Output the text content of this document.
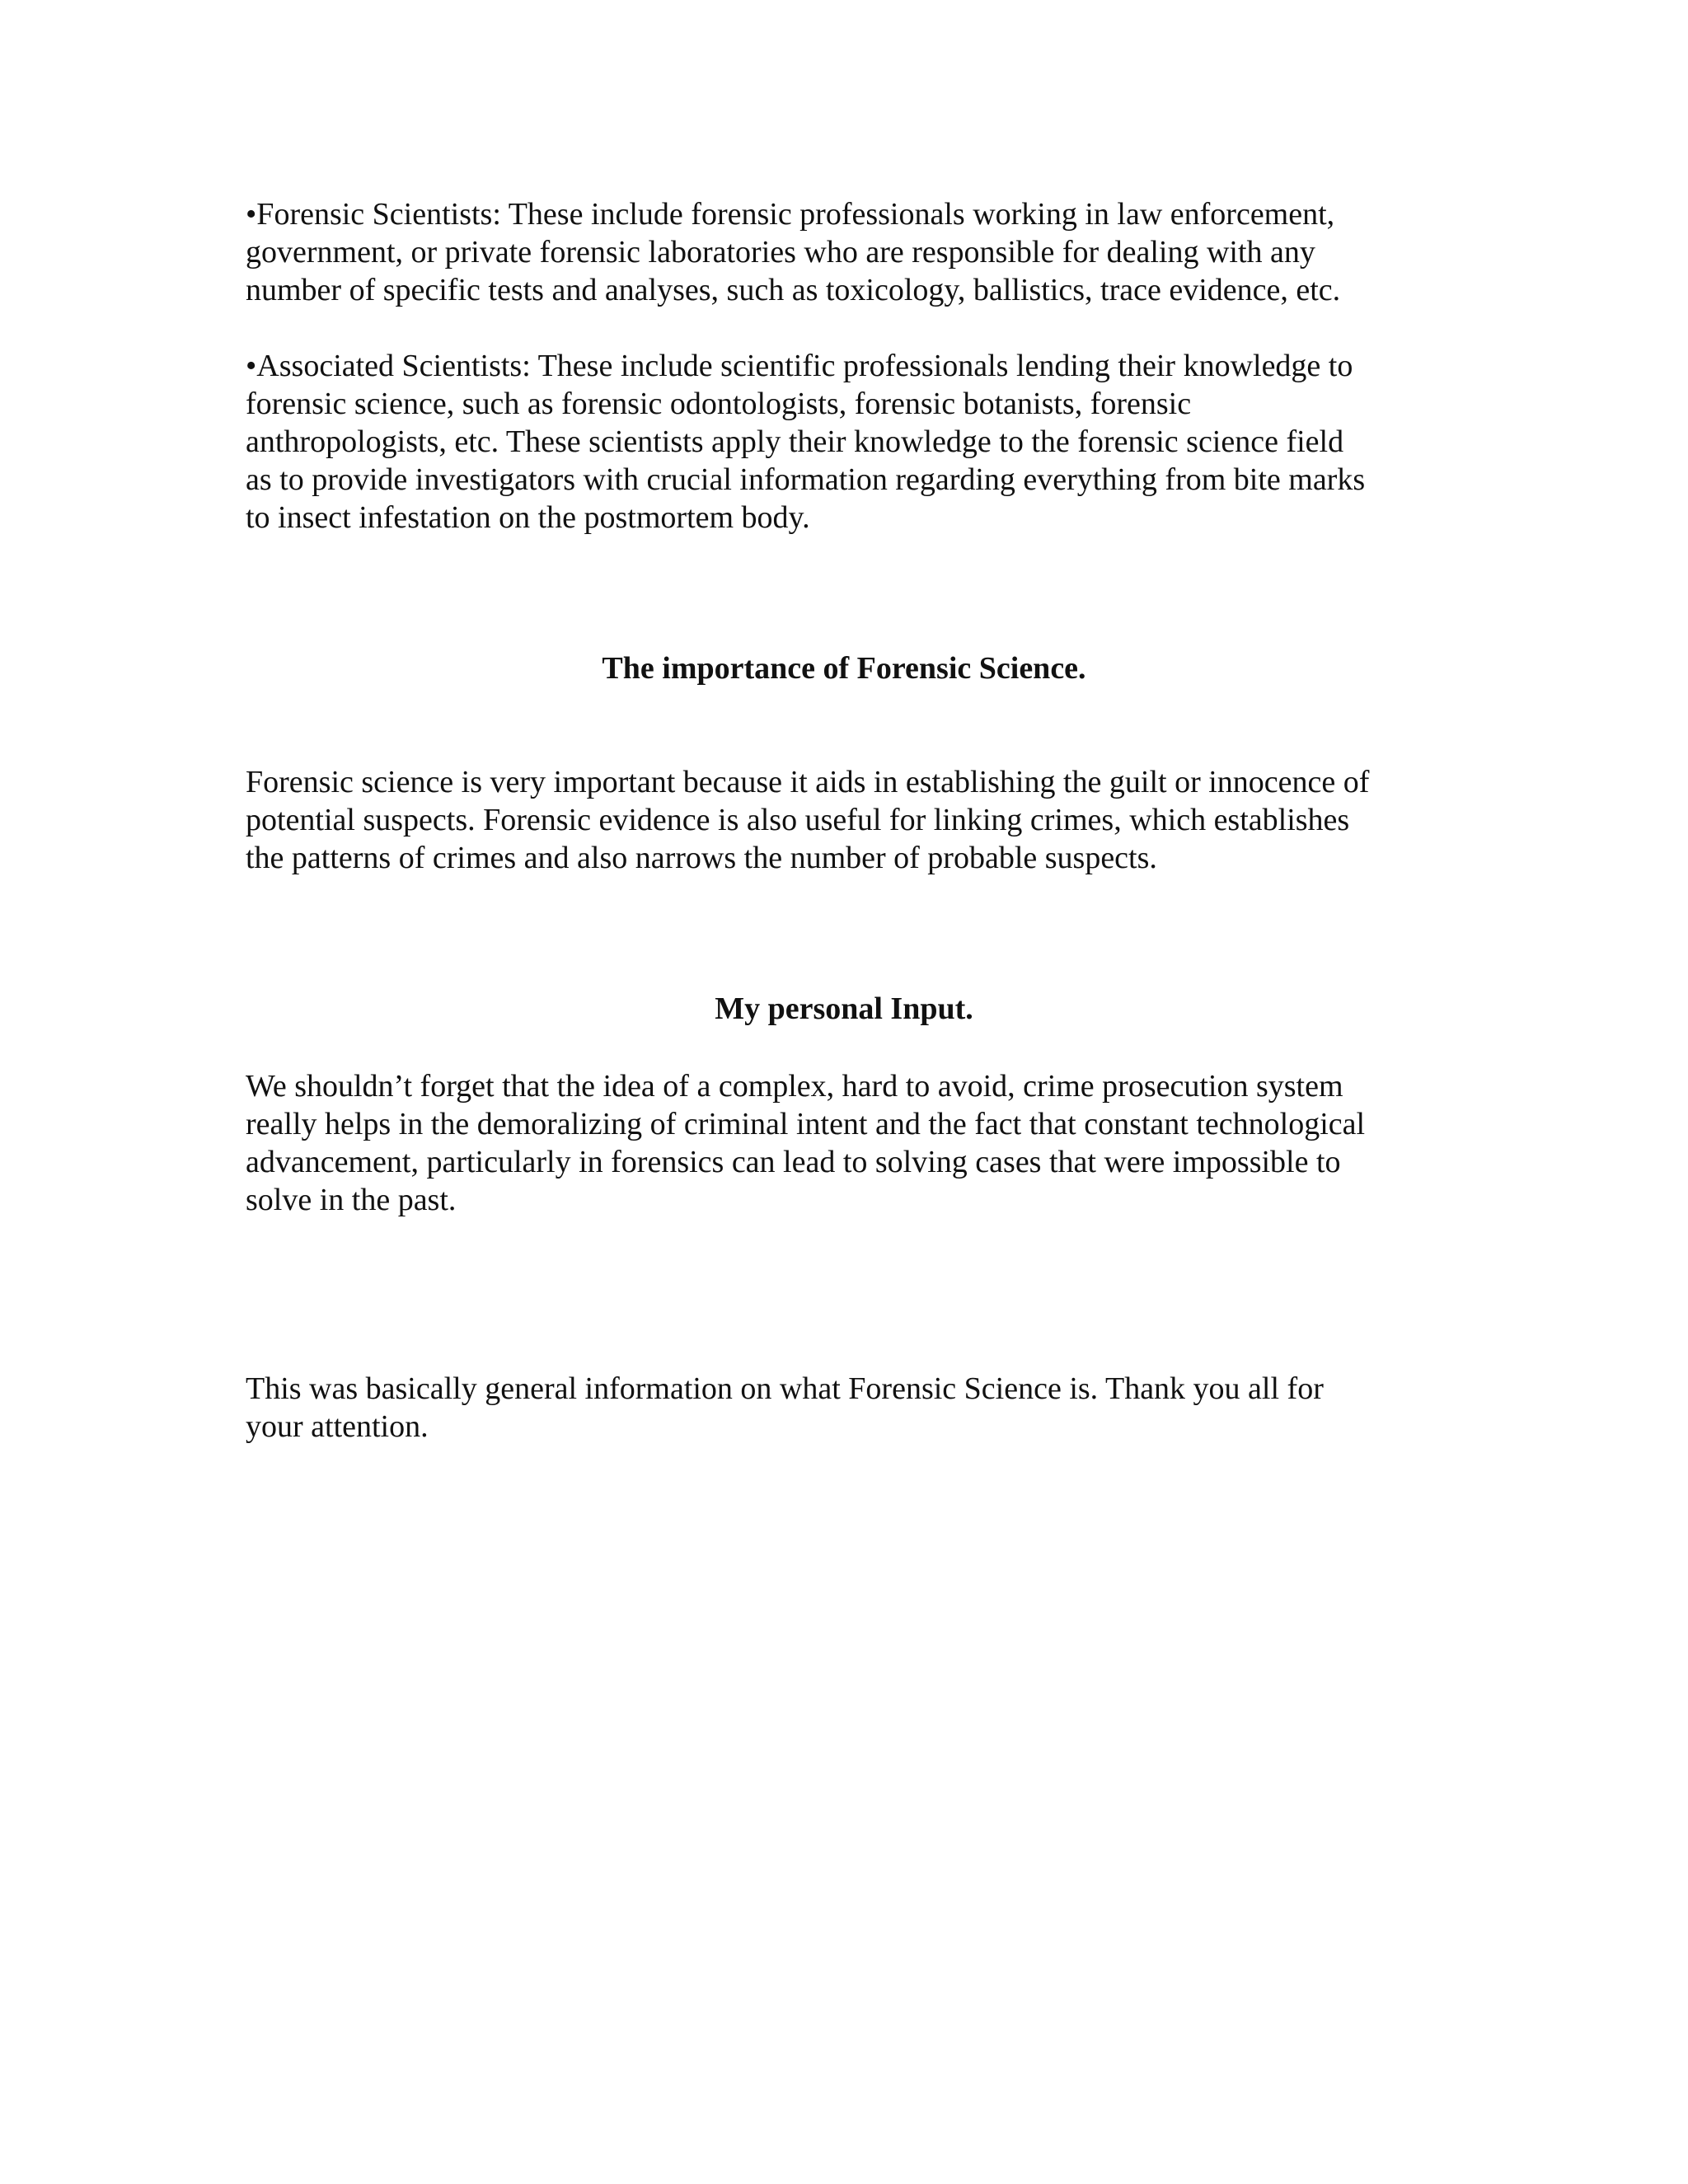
•Forensic Scientists: These include forensic professionals working in law enforcement,
government, or private forensic laboratories who are responsible for dealing with any
number of specific tests and analyses, such as toxicology, ballistics, trace evidence, etc.
•Associated Scientists: These include scientific professionals lending their knowledge to
forensic science, such as forensic odontologists, forensic botanists, forensic
anthropologists, etc. These scientists apply their knowledge to the forensic science field
as to provide investigators with crucial information regarding everything from bite marks
to insect infestation on the postmortem body.
The importance of Forensic Science.
Forensic science is very important because it aids in establishing the guilt or innocence of
potential suspects. Forensic evidence is also useful for linking crimes, which establishes
the patterns of crimes and also narrows the number of probable suspects.
My personal Input.
We shouldn’t forget that the idea of a complex, hard to avoid, crime prosecution system
really helps in the demoralizing of criminal intent and the fact that constant technological
advancement, particularly in forensics can lead to solving cases that were impossible to
solve in the past.
This was basically general information on what Forensic Science is. Thank you all for
your attention.
